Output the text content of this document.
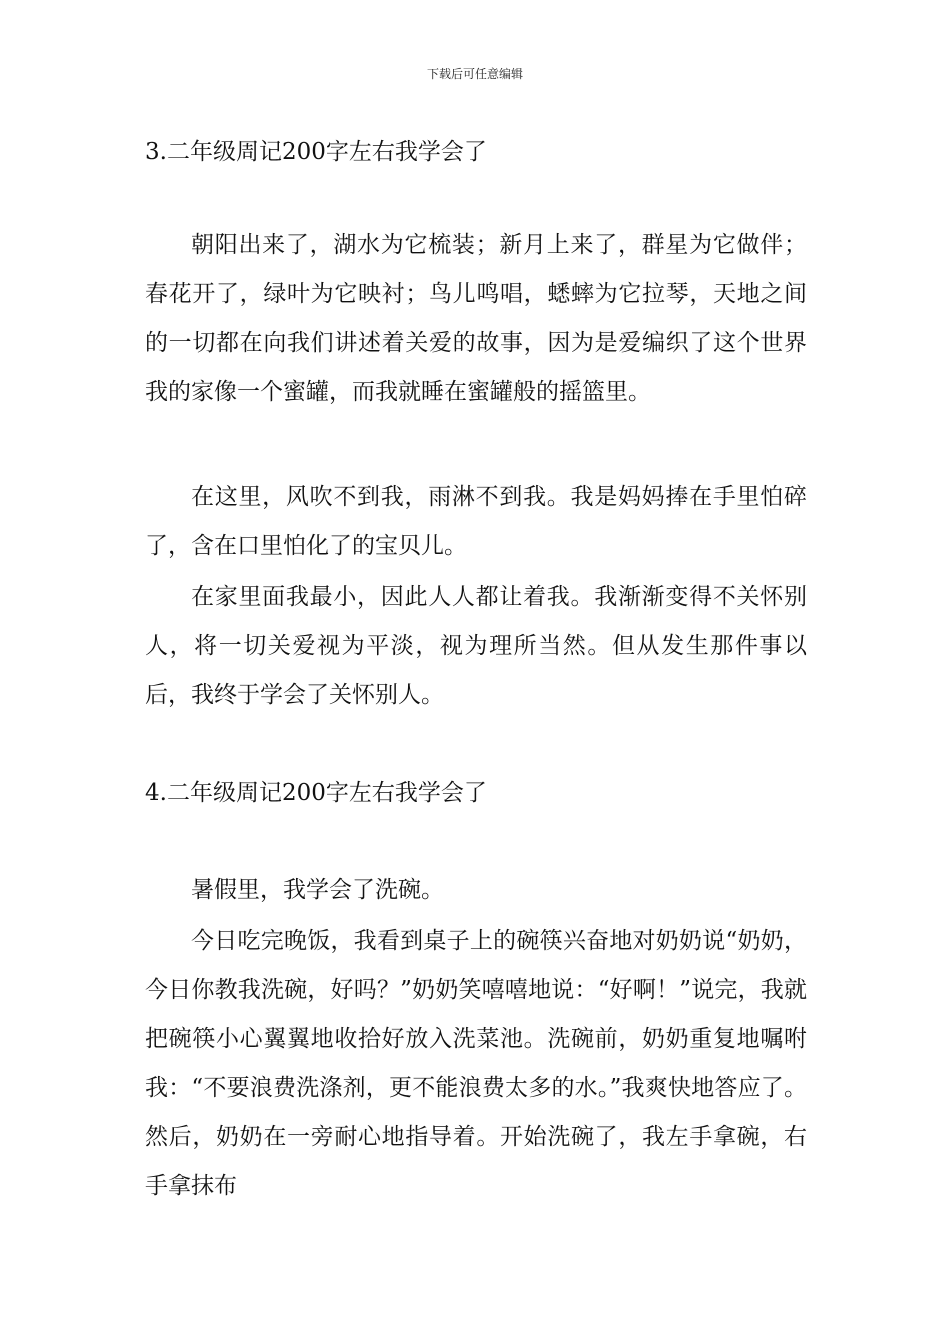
下载后可任意编辑
3.二年级周记200字左右我学会了

朝阳出来了，湖水为它梳装；新月上来了，群星为它做伴；春花开了，绿叶为它映衬；鸟儿鸣唱，蟋蟀为它拉琴，天地之间的一切都在向我们讲述着关爱的故事，因为是爱编织了这个世界我的家像一个蜜罐，而我就睡在蜜罐般的摇篮里。

在这里，风吹不到我，雨淋不到我。我是妈妈捧在手里怕碎了，含在口里怕化了的宝贝儿。

在家里面我最小，因此人人都让着我。我渐渐变得不关怀别人，将一切关爱视为平淡，视为理所当然。但从发生那件事以后，我终于学会了关怀别人。

4.二年级周记200字左右我学会了

暑假里，我学会了洗碗。

今日吃完晚饭，我看到桌子上的碗筷兴奋地对奶奶说“奶奶，今日你教我洗碗，好吗？”奶奶笑嘻嘻地说：“好啊！”说完，我就把碗筷小心翼翼地收拾好放入洗菜池。洗碗前，奶奶重复地嘱咐我：“不要浪费洗涤剂，更不能浪费太多的水。”我爽快地答应了。然后，奶奶在一旁耐心地指导着。开始洗碗了，我左手拿碗，右手拿抹布
